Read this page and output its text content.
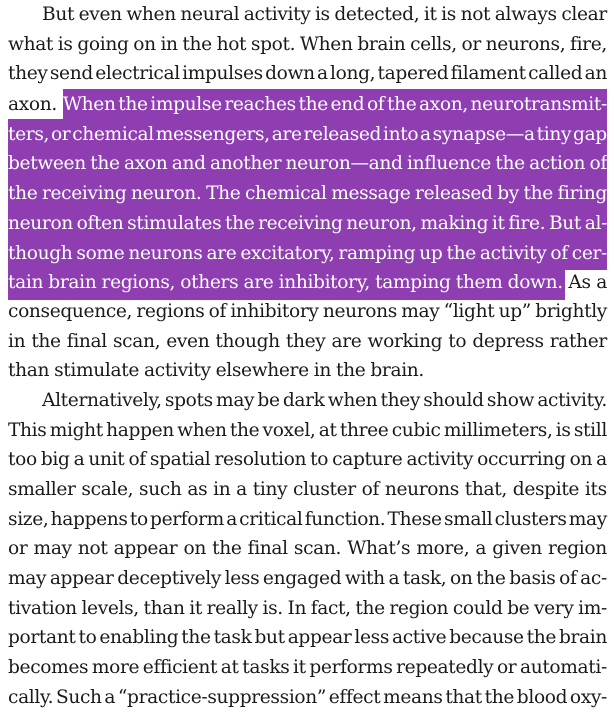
But even when neural activity is detected, it is not always clear
what is going on in the hot spot. When brain cells, or neurons, fire,
they send electrical impulses down a long, tapered filament called an
axon. When the impulse reaches the end of the axon, neurotransmit-
ters, or chemical messengers, are released into a synapse—a tiny gap
between the axon and another neuron—and influence the action of
the receiving neuron. The chemical message released by the firing
neuron often stimulates the receiving neuron, making it fire. But al-
though some neurons are excitatory, ramping up the activity of cer-
tain brain regions, others are inhibitory, tamping them down. As a
consequence, regions of inhibitory neurons may “light up” brightly
in the final scan, even though they are working to depress rather
than stimulate activity elsewhere in the brain.
Alternatively, spots may be dark when they should show activity.
This might happen when the voxel, at three cubic millimeters, is still
too big a unit of spatial resolution to capture activity occurring on a
smaller scale, such as in a tiny cluster of neurons that, despite its
size, happens to perform a critical function. These small clusters may
or may not appear on the final scan. What’s more, a given region
may appear deceptively less engaged with a task, on the basis of ac-
tivation levels, than it really is. In fact, the region could be very im-
portant to enabling the task but appear less active because the brain
becomes more efficient at tasks it performs repeatedly or automati-
cally. Such a “practice-suppression” effect means that the blood oxy-
